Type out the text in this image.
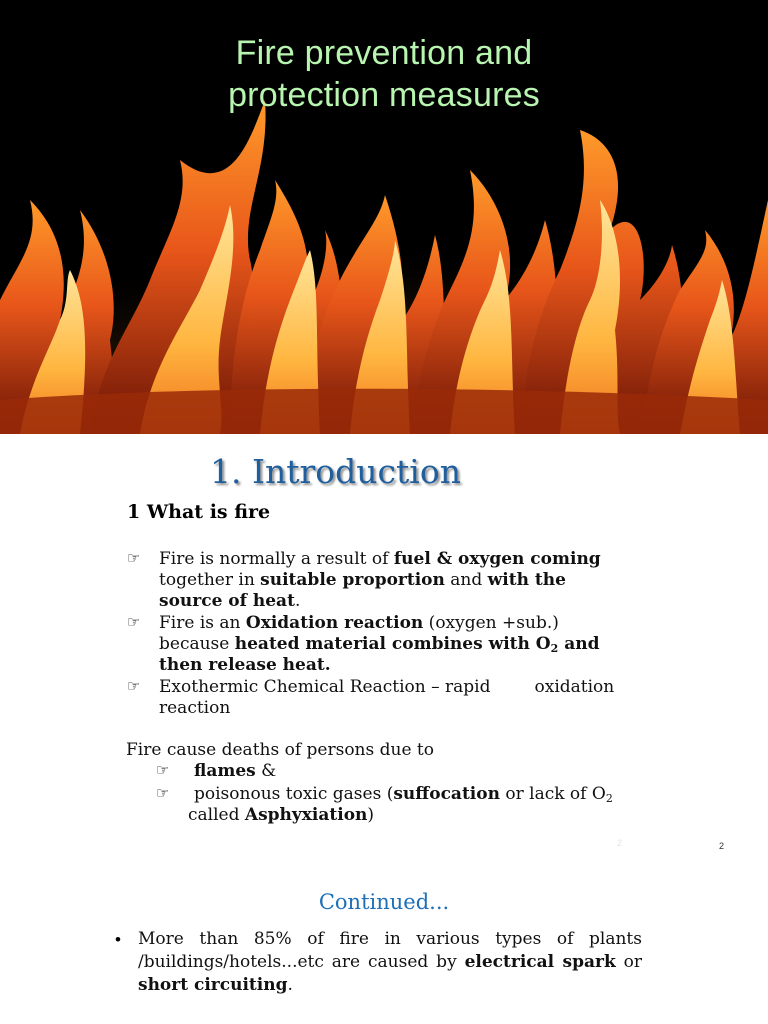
Fire prevention and
protection measures
1. Introduction
1 What is fire
☞ Fire is normally a result of fuel & oxygen coming
together in suitable proportion and with the
source of heat.
☞ Fire is an Oxidation reaction (oxygen +sub.)
because heated material combines with $O_2$ and
then release heat.
☞ Exothermic Chemical Reaction – rapid	oxidation
reaction
Fire cause deaths of persons due to
☞ flames &
☞ poisonous toxic gases (suffocation or lack of $O_2$
called Asphyxiation)
2	2
Continued...
• More than 85% of fire in various types of plants /buildings/hotels...etc are caused by electrical spark or short circuiting.
